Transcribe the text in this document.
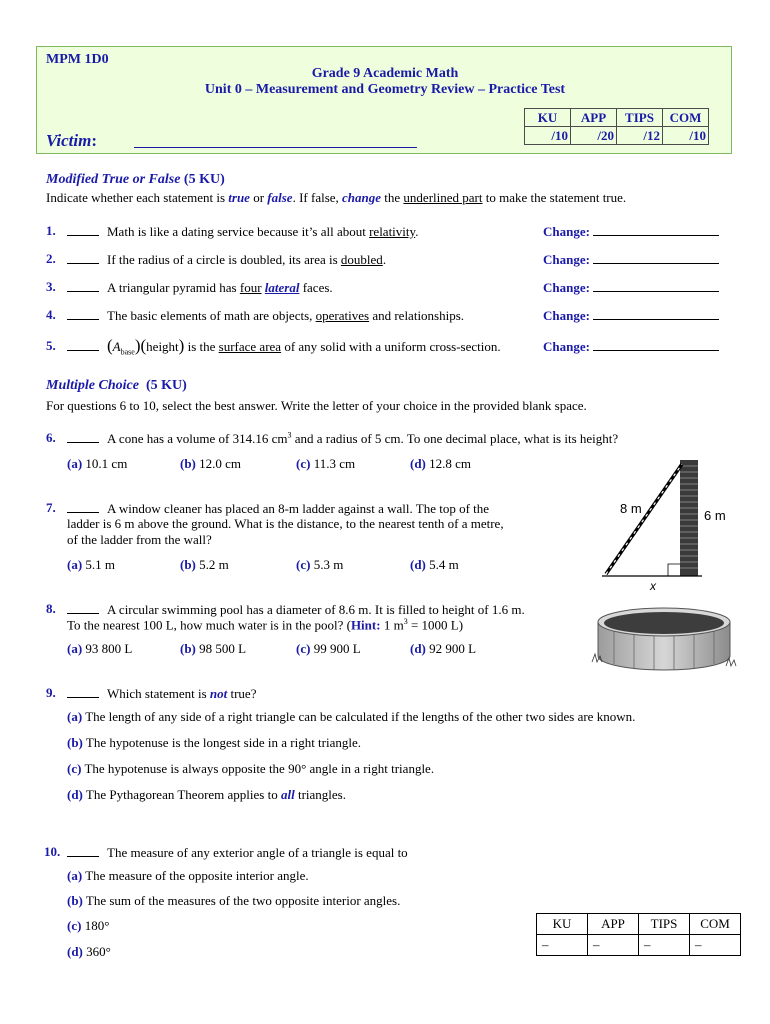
MPM 1D0
Grade 9 Academic Math
Unit 0 – Measurement and Geometry Review – Practice Test
Victim:
KU	APP	TIPS	COM
/10	/20	/12	/10
Modified True or False (5 KU)
Indicate whether each statement is true or false. If false, change the underlined part to make the statement true.
1.	Math is like a dating service because it’s all about relativity.	Change:
2.	If the radius of a circle is doubled, its area is doubled.	Change:
3.	A triangular pyramid has four lateral faces.	Change:
4.	The basic elements of math are objects, operatives and relationships.	Change:
5.	$(A_{base})(height)$ is the surface area of any solid with a uniform cross-section.	Change:
Multiple Choice (5 KU)
For questions 6 to 10, select the best answer. Write the letter of your choice in the provided blank space.
6.	A cone has a volume of 314.16 $cm^3$ and a radius of 5 cm. To one decimal place, what is its height?
(a) 10.1 cm	(b) 12.0 cm	(c) 11.3 cm	(d) 12.8 cm
7.	A window cleaner has placed an 8-m ladder against a wall. The top of the
ladder is 6 m above the ground. What is the distance, to the nearest tenth of a metre,
of the ladder from the wall?
(a) 5.1 m	(b) 5.2 m	(c) 5.3 m	(d) 5.4 m
8 m	6 m
x
8.	A circular swimming pool has a diameter of 8.6 m. It is filled to height of 1.6 m.
To the nearest 100 L, how much water is in the pool? (Hint: 1 $m^3 = 1000$ L)
(a) 93 800 L	(b) 98 500 L	(c) 99 900 L	(d) 92 900 L
9.	Which statement is not true?
(a) The length of any side of a right triangle can be calculated if the lengths of the other two sides are known.
(b) The hypotenuse is the longest side in a right triangle.
(c) The hypotenuse is always opposite the 90° angle in a right triangle.
(d) The Pythagorean Theorem applies to all triangles.
10.	The measure of any exterior angle of a triangle is equal to
(a) The measure of the opposite interior angle.
(b) The sum of the measures of the two opposite interior angles.
(c) 180°
(d) 360°
KU	APP	TIPS	COM
–	–	–	–
